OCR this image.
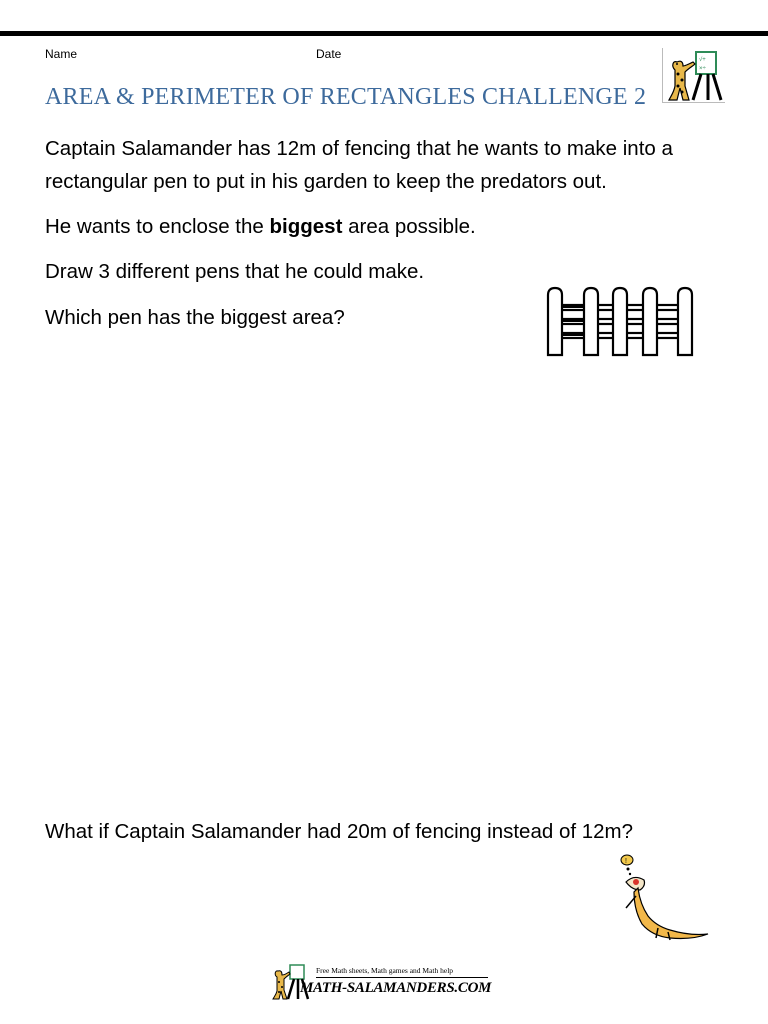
Name	Date	√+
×÷
AREA & PERIMETER OF RECTANGLES CHALLENGE 2
Captain Salamander has 12m of fencing that he wants to make into a rectangular pen to put in his garden to keep the predators out.
He wants to enclose the biggest area possible.
Draw 3 different pens that he could make.
Which pen has the biggest area?
What if Captain Salamander had 20m of fencing instead of 12m?
!
Free Math sheets, Math games and Math help
MATH-SALAMANDERS.COM
